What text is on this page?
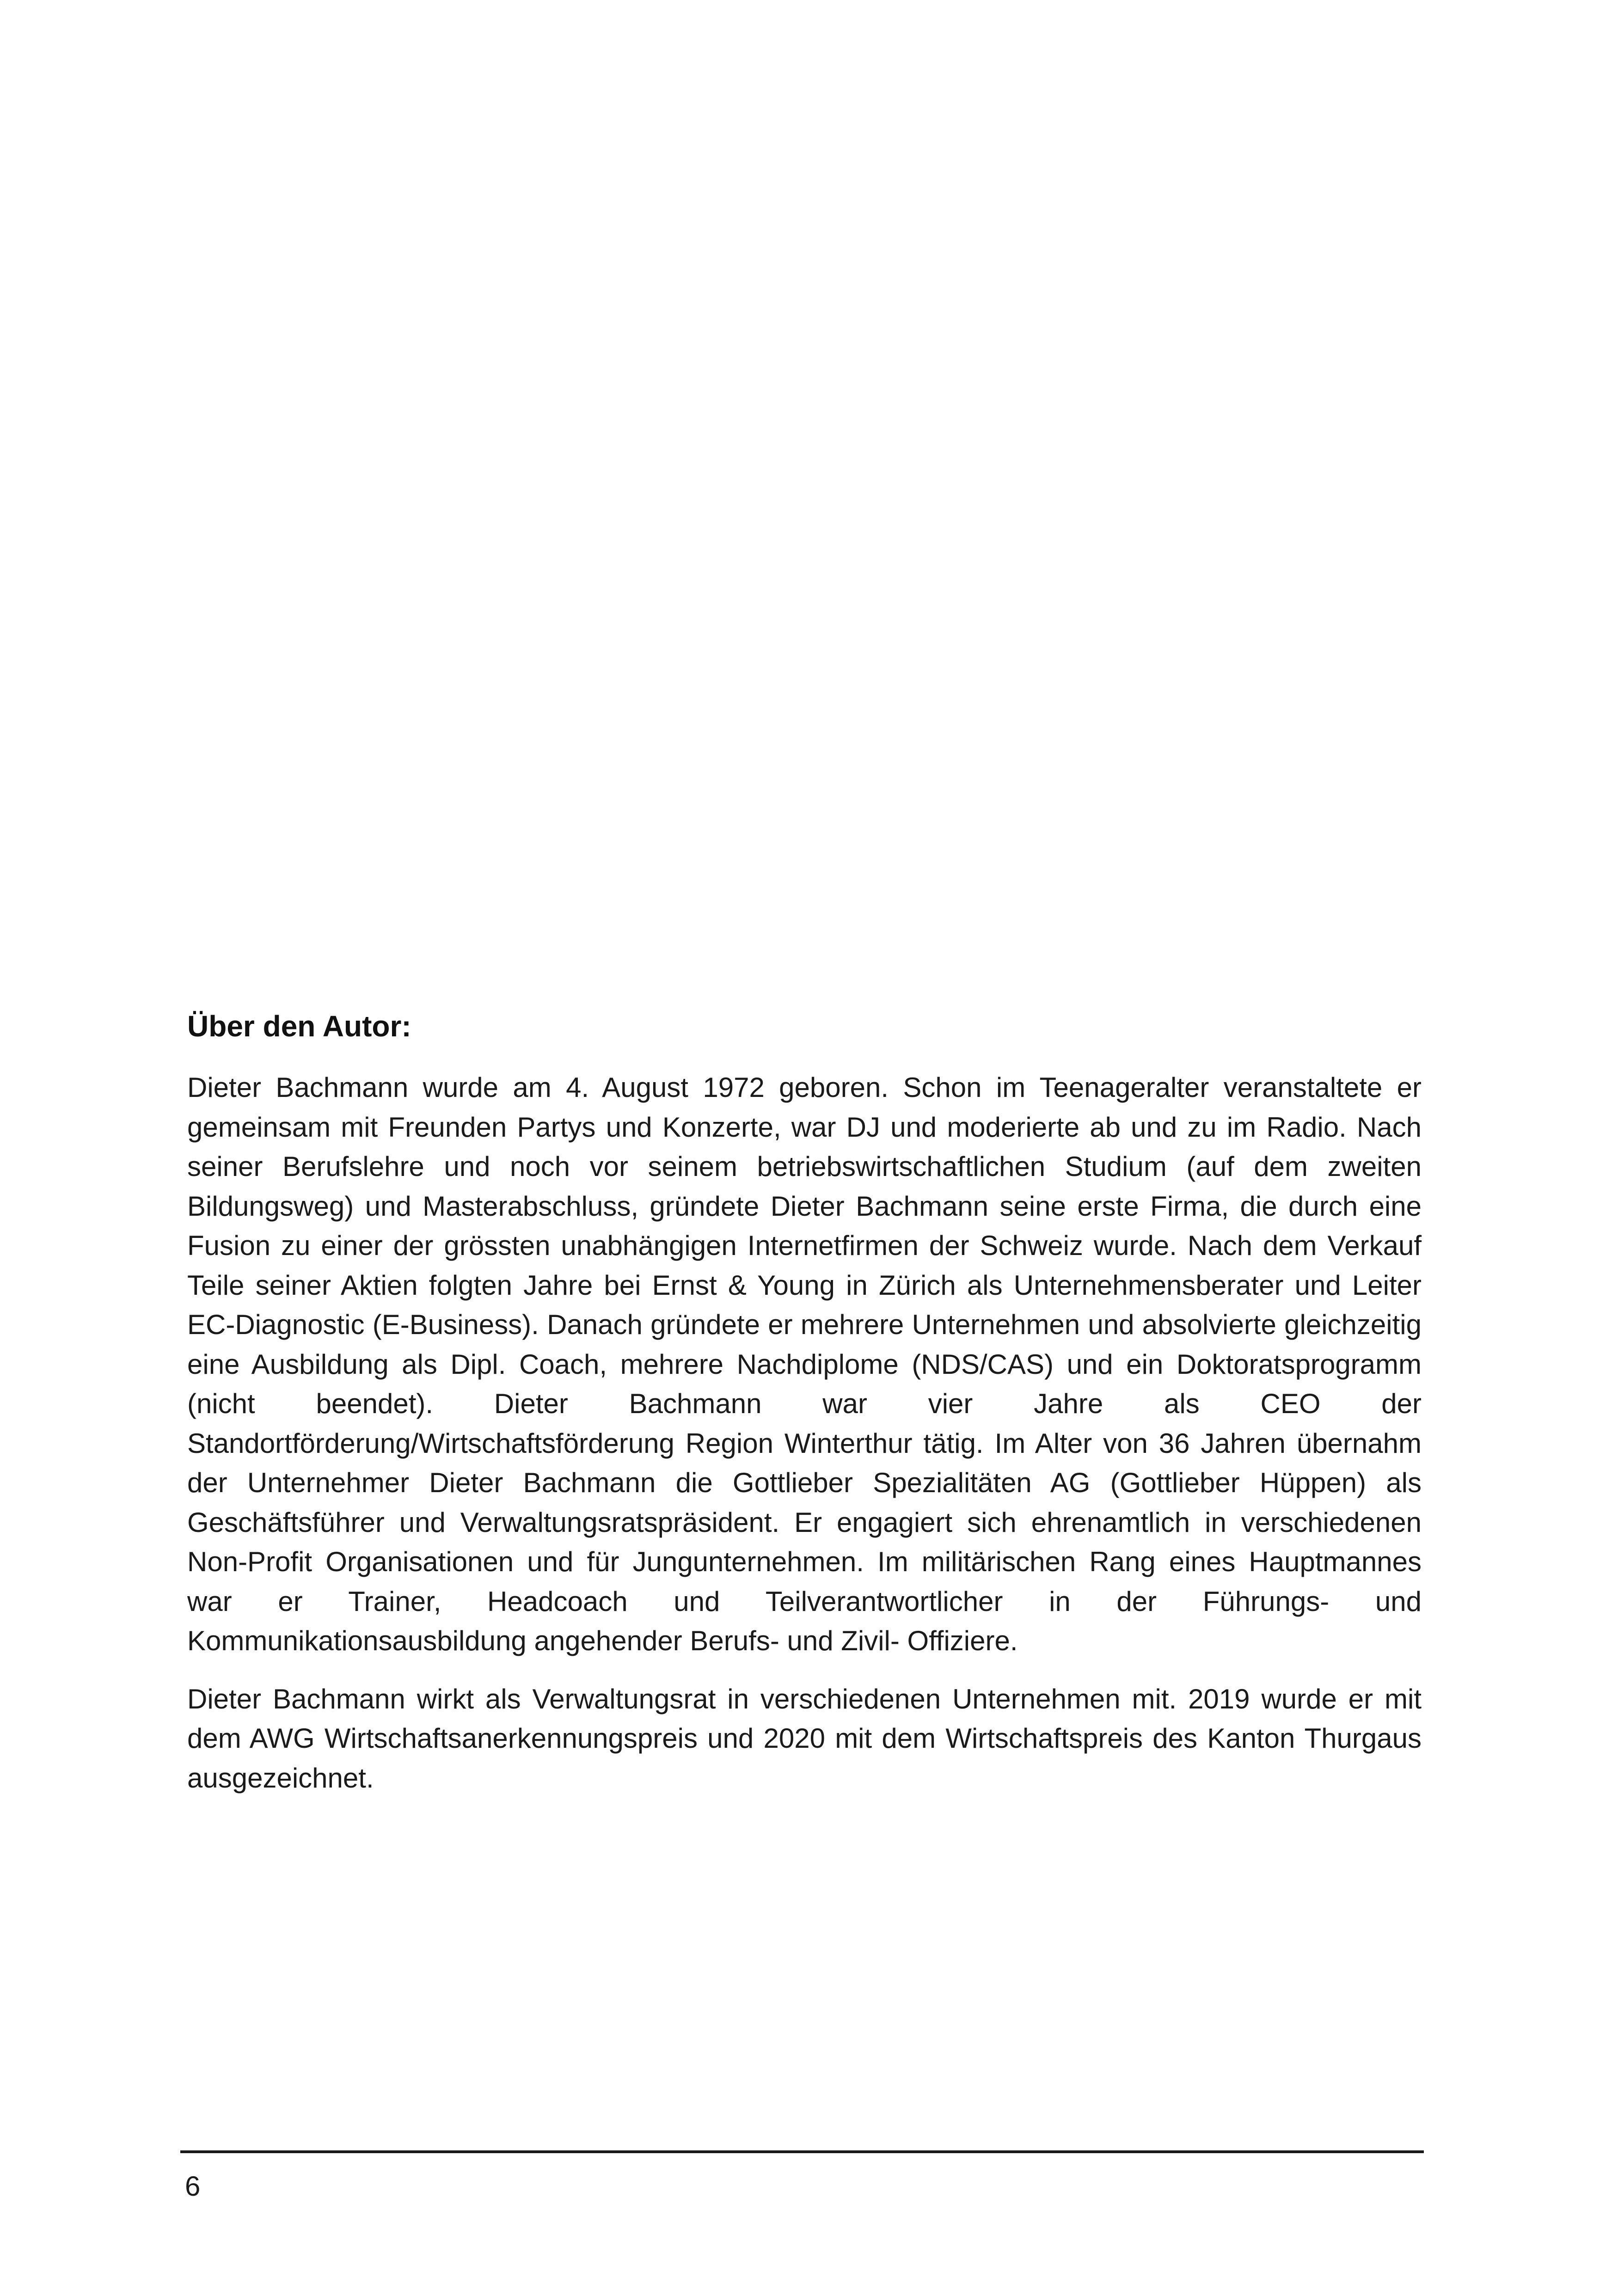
Über den Autor:

Dieter Bachmann wurde am 4. August 1972 geboren. Schon im Teenageralter veranstaltete er gemeinsam mit Freunden Partys und Konzerte, war DJ und moderierte ab und zu im Radio. Nach seiner Berufslehre und noch vor seinem betriebswirtschaftlichen Studium (auf dem zweiten Bildungsweg) und Masterabschluss, gründete Dieter Bachmann seine erste Firma, die durch eine Fusion zu einer der grössten unabhängigen Internetfirmen der Schweiz wurde. Nach dem Verkauf Teile seiner Aktien folgten Jahre bei Ernst & Young in Zürich als Unternehmensberater und Leiter EC-Diagnostic (E-Business). Danach gründete er mehrere Unternehmen und absolvierte gleichzeitig eine Ausbildung als Dipl. Coach, mehrere Nachdiplome (NDS/CAS) und ein Doktoratsprogramm (nicht beendet). Dieter Bachmann war vier Jahre als CEO der Standortförderung/Wirtschaftsförderung Region Winterthur tätig. Im Alter von 36 Jahren übernahm der Unternehmer Dieter Bachmann die Gottlieber Spezialitäten AG (Gottlieber Hüppen) als Geschäftsführer und Verwaltungsratspräsident. Er engagiert sich ehrenamtlich in verschiedenen Non-Profit Organisationen und für Jungunternehmen. Im militärischen Rang eines Hauptmannes war er Trainer, Headcoach und Teilverantwortlicher in der Führungs- und Kommunikationsausbildung angehender Berufs- und Zivil- Offiziere.

Dieter Bachmann wirkt als Verwaltungsrat in verschiedenen Unternehmen mit. 2019 wurde er mit dem AWG Wirtschaftsanerkennungspreis und 2020 mit dem Wirtschaftspreis des Kanton Thurgaus ausgezeichnet.

6
